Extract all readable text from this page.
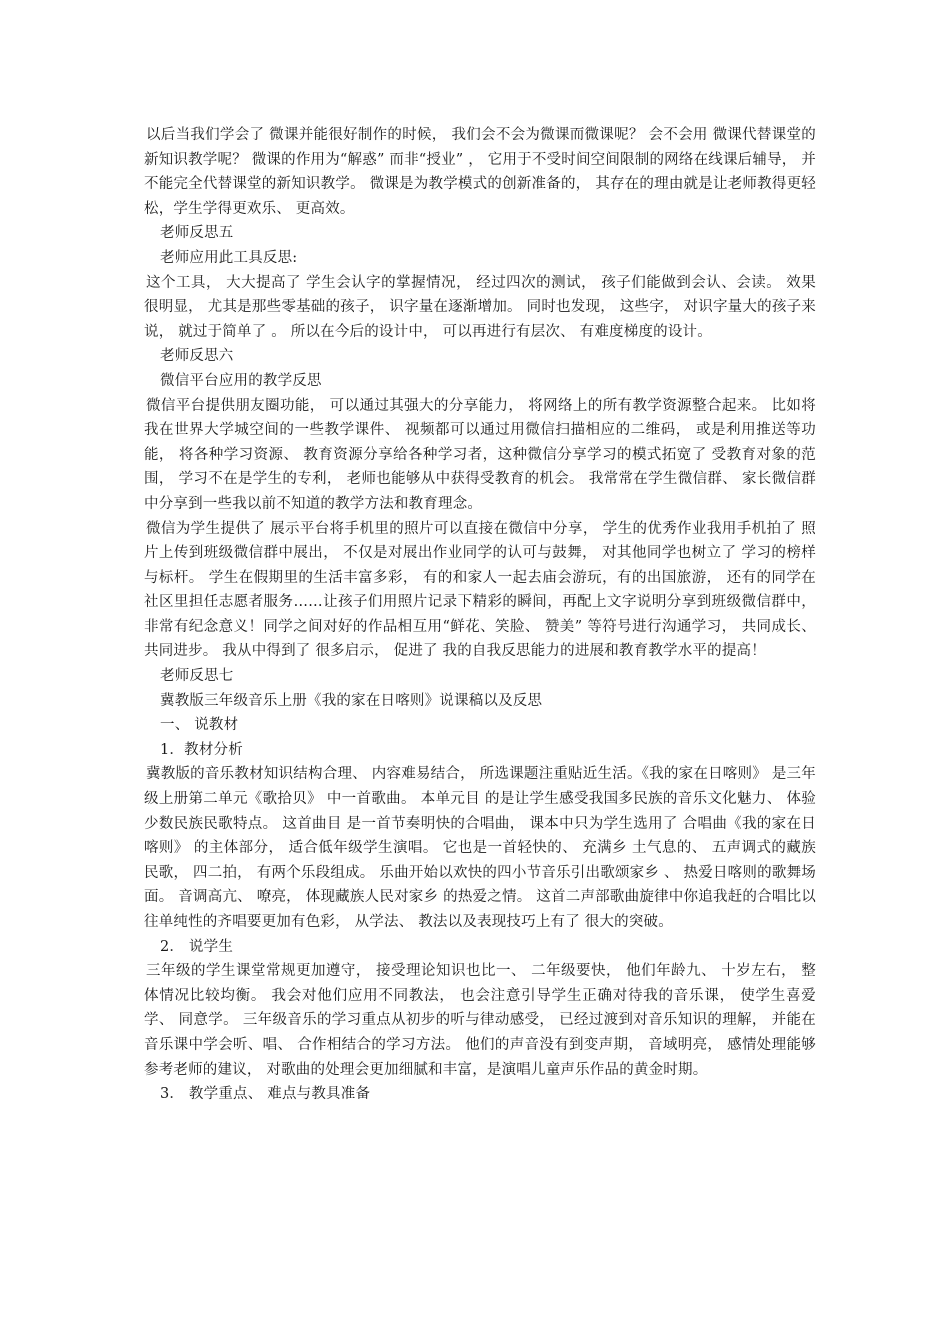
以后当我们学会了 微课并能很好制作的时候， 我们会不会为微课而微课呢？ 会不会用 微课代替课堂的新知识教学呢？ 微课的作用为“解惑” 而非“授业” ， 它用于不受时间空间限制的网络在线课后辅导， 并不能完全代替课堂的新知识教学。 微课是为教学模式的创新准备的， 其存在的理由就是让老师教得更轻松，学生学得更欢乐、 更高效。

老师反思五

老师应用此工具反思:

这个工具， 大大提高了 学生会认字的掌握情况， 经过四次的测试， 孩子们能做到会认、会读。 效果很明显， 尤其是那些零基础的孩子， 识字量在逐渐增加。 同时也发现， 这些字， 对识字量大的孩子来说， 就过于简单了 。 所以在今后的设计中， 可以再进行有层次、 有难度梯度的设计。

老师反思六

微信平台应用的教学反思

微信平台提供朋友圈功能， 可以通过其强大的分享能力， 将网络上的所有教学资源整合起来。 比如将我在世界大学城空间的一些教学课件、 视频都可以通过用微信扫描相应的二维码， 或是利用推送等功能， 将各种学习资源、 教育资源分享给各种学习者，这种微信分享学习的模式拓宽了 受教育对象的范围， 学习不在是学生的专利， 老师也能够从中获得受教育的机会。 我常常在学生微信群、 家长微信群中分享到一些我以前不知道的教学方法和教育理念。

微信为学生提供了 展示平台将手机里的照片可以直接在微信中分享， 学生的优秀作业我用手机拍了 照片上传到班级微信群中展出， 不仅是对展出作业同学的认可与鼓舞， 对其他同学也树立了 学习的榜样与标杆。 学生在假期里的生活丰富多彩， 有的和家人一起去庙会游玩，有的出国旅游， 还有的同学在社区里担任志愿者服务……让孩子们用照片记录下精彩的瞬间，再配上文字说明分享到班级微信群中， 非常有纪念意义！同学之间对好的作品相互用“鲜花、笑脸、 赞美” 等符号进行沟通学习， 共同成长、共同进步。 我从中得到了 很多启示， 促进了 我的自我反思能力的进展和教育教学水平的提高！

老师反思七

冀教版三年级音乐上册《我的家在日喀则》说课稿以及反思

一、 说教材

1．教材分析

冀教版的音乐教材知识结构合理、 内容难易结合， 所选课题注重贴近生活。《我的家在日喀则》 是三年级上册第二单元《歌拾贝》 中一首歌曲。 本单元目 的是让学生感受我国多民族的音乐文化魅力、 体验少数民族民歌特点。 这首曲目 是一首节奏明快的合唱曲， 课本中只为学生选用了 合唱曲《我的家在日喀则》 的主体部分， 适合低年级学生演唱。 它也是一首轻快的、 充满乡 土气息的、 五声调式的藏族民歌， 四二拍， 有两个乐段组成。 乐曲开始以欢快的四小节音乐引出歌颂家乡 、 热爱日喀则的歌舞场面。 音调高亢、 嘹亮， 体现藏族人民对家乡 的热爱之情。 这首二声部歌曲旋律中你追我赶的合唱比以往单纯性的齐唱要更加有色彩， 从学法、 教法以及表现技巧上有了 很大的突破。

2． 说学生

三年级的学生课堂常规更加遵守， 接受理论知识也比一、 二年级要快， 他们年龄九、 十岁左右， 整体情况比较均衡。 我会对他们应用不同教法， 也会注意引导学生正确对待我的音乐课， 使学生喜爱学、 同意学。 三年级音乐的学习重点从初步的听与律动感受， 已经过渡到对音乐知识的理解， 并能在音乐课中学会听、唱、 合作相结合的学习方法。 他们的声音没有到变声期， 音域明亮， 感情处理能够参考老师的建议， 对歌曲的处理会更加细腻和丰富，是演唱儿童声乐作品的黄金时期。

3． 教学重点、 难点与教具准备
